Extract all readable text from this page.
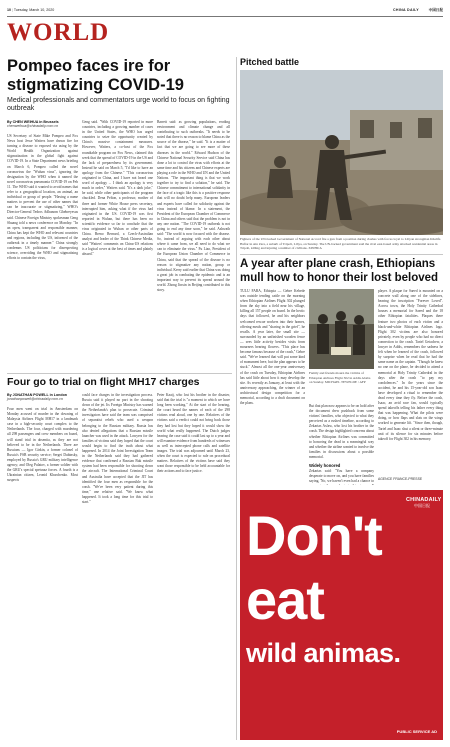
10 | Tuesday, March 10, 2020	中国日报
CHINA DAILY
WORLD
Pompeo faces ire for stigmatizing COVID-19
Medical professionals and commentators urge world to focus on fighting outbreak
By CHEN WEIHUA in Brussels
chenweihua@chinadaily.com.cn
US Secretary of State Mike Pompeo and Fox News host Jesse Watters have drawn fire for turning a disease to exposed via using by the World Health Organization against stigmatization in the global fight against COVID-19. In a State Department news briefing on March 6, Pompeo called the novel coronavirus the "Wuhan virus", ignoring the designation by the WHO when it named the novel coronavirus pneumonia COVID-19 on Feb 11. The WHO said it wanted to avoid names that refer to a geographical location, an animal, an individual or group of people. "Having a name matters to prevent the use of other names that can be inaccurate or stigmatizing," WHO's Director-General Tedros Adhanom Ghebreyesus said. Chinese Foreign Ministry spokesman Geng Shuang told a news conference on Monday: "In an open, transparent and responsible manner, China has kept the WHO and relevant countries and regions, including the US, informed of the outbreak in a timely manner." China strongly condemns US politicians for disrespecting science, overriding the WHO and stigmatizing efforts to contain the virus,
Geng said. "With COVID-19 reported in more countries, including a growing number of cases in the United States, the WHO has urged countries to seize the opportunity created by China's massive containment measures. However, Watters, a co-host of the Fox roundtable program on Fox News, claimed this week that the spread of COVID-19 in the US and the lack of preparedness by its government. Instead he said on March 5, "I'd like to have an apology from the Chinese." "This coronavirus originated in China, and I have not heard one word of apology ... I think an apology is very much in order," Watters said. "It's a dark joke," he said, while other participants of the program chuckled. Dena Pelton, a professor, mother of three and former White House press secretary, interrupted him, asking what if the virus had originated in the US. COVID-19 was first reported in Wuhan, but there has been no scientific evidence so far to conclude that the virus originated in Wuhan or other parts of China. Breno Bernard, a Czech-Australian analyst and leader of the Think Chinese Media, said "Watters' comments on China-US relations is a logical cover at the best of times and plainly absurd."
Barrett said: as growing populations, eroding environment and climate change and all contributing to such outbreaks. "It needs to be noted that there is no reason to blame China as the source of the disease," he said. "It is a matter of fact that we are going to see more of these diseases in the world." Edward Hudson of the Chinese National Security Service said China has done a lot to control the virus with efforts at the same time and his citizens and Chinese experts are playing a role in the WHO and UN and the United Nations. "The important thing is that we work together to try to find a solution," he said. The Chinese commitment to international solidarity in the face of a tragic like this is a positive response that will no doubt help many. European leaders and experts have called for solidarity against the virus instead of blame. In a statement, the President of the European Chamber of Commerce in China and others said that the problem is not in any one nation. "The COVID-19 outbreak is not going to end any time soon," he said. Ashwath said: "The world is now focused with the disease. So, instead of arguing with each other about where it came from, we all need to do what we can to eliminate the virus." Fu Liao, President of the European Union Chamber of Commerce in China, said that the spread of the disease is no reason to stigmatize any nation, group or individual. Kerry said earlier that China was doing a great job in combating the epidemic and is an important way to prevent its spread around the world. Zhong Jinxin in Beijing contributed to this story.
Four go to trial on flight MH17 charges
By JONATHAN POWELL in London
jonathanpowell@chinadaily.com.cn
Four men went on trial in Amsterdam on Monday accused of murder in the downing of Malaysia Airlines Flight MH17 in a landmark case in a high-security court complex to the Netherlands. The four, charged with murdering all 298 passengers and crew members on board, will stand trial in absentia, as they are not believed to be in the Netherlands. Three are Russians — Igor Girkin, a former colonel of Russia's FSB security service; Sergei Dubinsky, employed by Russia's GRU military intelligence agency; and Oleg Pulatov, a former soldier with the GRU's special spetsnaz forces. A fourth is a Ukrainian citizen, Leonid Kharchenko. Most suspects
could face charges in the investigation process. Russia said it played no part in the shooting down of the jet. Its Foreign Ministry has warned the Netherlands's plan to prosecute. Criminal investigators have said the team was comprised of separatist rebels who used a weapon belonging to the Russian military. Russia has also denied allegations that a Russian missile launcher was used in the attack. Lawyers for the families of victims said they hoped that the court would begin to find the truth about what happened. In 2014 the Joint Investigation Team in the Netherlands said they had gathered evidence that confirmed a Russian Buk missile system had been responsible for shooting down the aircraft. The International Criminal Court and Australia have accepted that the JIT has identified the four men as responsible for the crash. "We've been very patient during this time," one relative said. "We know what happened. It took a long time for this trial to start."
Peter Kaaij, who lost his brother in the disaster, said that the trial is "a moment to which we have long been working." At the start of the hearing, the court heard the names of each of the 298 victims read aloud, one by one. Relatives of the victims said a verdict could not bring back those they had lost but they hoped it would show the world what really happened. The Dutch judges hearing the case said it could last up to a year and will examine evidence from hundreds of witnesses as well as intercepted phone calls and satellite images. The trial was adjourned until March 23, when the court is expected to rule on procedural matters. Relatives of the victims have said they want those responsible to be held accountable for their actions and to face justice.
Pitched battle
Fighters of the UN-backed Government of National Accord fire a gun from a position during clashes with forces loyal to Libyan strongman Khalifa Haftar in Ain Zara, a suburb of Tripoli, Libya, on Sunday. The UN-backed government said the rival east-based army attacked residential areas in Tripoli, killing and injuring a number of civilians. XINHUA
A year after plane crash, Ethiopians mull how to honor their lost beloved
TULU FARA, Ethiopia — Gebre Kebede was outside tending cattle on the morning when Ethiopian Airlines Flight 302 plunged from the sky into a field near his village, killing all 157 people on board. In the hectic days that followed, he and his neighbors welcomed rescue workers into their homes, offering meals and "sharing in the grief", he recalls. A year later, the small site — surrounded by an unfinished wooden fence — sees little activity besides visits from mourners bearing flowers. "This place has become famous because of the crash," Gebre said. "We've learned that will put some kind of monument here, but the plan appears to be stuck." Almost all the one-year anniversary of the crash on Tuesday, Ethiopian Airlines has said little about how it may develop the site. As recently as January, at least with the anniversary approaching, the winner of an architectural design competition for a memorial, according to a draft document on the plans.
Family and friends mourn the victims of Ethiopian Airlines Flight 302 in Addis Ababa on Sunday. MICHAEL TEWELDE / AFP
But that plan now appears to be on hold after the document drew pushback from some victims' families, who objected to what they perceived as a rushed timeline, according to Zekarias Asfaw, who lost his brother in the crash. The design highlighted concerns about whether Ethiopian Airlines was committed to honoring the dead in a meaningful way and whether the airline wanted to involve the families in discussions about a possible memorial.

Widely honored
Zekarias said: "You have a company desperate to move on, and you have families saying, 'No, we haven't even had a chance to
player. A plaque for Saeed is mounted on a concrete wall along one of the sidelines, bearing the inscription "Forever Loved". Across town, the Holy Trinity Cathedral houses a memorial for Saeed and the 18 other Ethiopian fatalities. Plaques there feature two photos of each victim and a black-and-white Ethiopian Airlines logo. Flight 302 victims are also honored privately, even by people who had no direct connection to the crash. Tariel Getachew, a lawyer in Addis, remembers the sadness he felt when he learned of the crash, followed by surprise when he read that he had the same name as the captain. "Though he knew no one on the plane, he decided to attend a memorial at Holy Trinity Cathedral in the days after the crash "to pay my condolences." In the years since the accident, he and his 15-year-old son Isaac have developed a ritual to remember the dead every time they fly. Before the crash, Isaac, an avid race fan, would typically spend takeoffs telling his father every thing that was happening. What the pilots were doing, or how flaps and slats on the wings worked to generate lift. "Since then, though, Tariel and Isaac shut a silent or three-minute unit of its silence for six minutes before takeoff for Flight 302 in his memory.
AGENCE FRANCE-PRESSE
CHINADAILY
中国日报
Don't
eat
wild animas.
PUBLIC SERVICE AD
